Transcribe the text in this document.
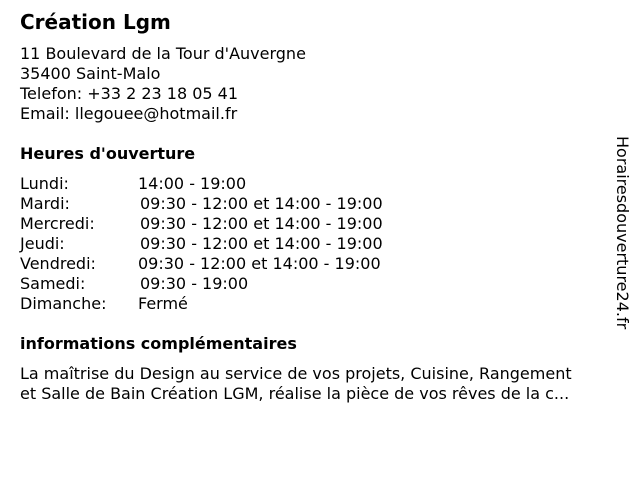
Création Lgm
11 Boulevard de la Tour d'Auvergne
35400 Saint-Malo
Telefon: +33 2 23 18 05 41
Email: llegouee@hotmail.fr
Heures d'ouverture
Lundi:	14:00 - 19:00
Mardi:	09:30 - 12:00 et 14:00 - 19:00
Mercredi:	09:30 - 12:00 et 14:00 - 19:00
Jeudi:	09:30 - 12:00 et 14:00 - 19:00
Vendredi:	09:30 - 12:00 et 14:00 - 19:00
Samedi:	09:30 - 19:00
Dimanche: Fermé
informations complémentaires
La maîtrise du Design au service de vos projets, Cuisine, Rangement
et Salle de Bain Création LGM, réalise la pièce de vos rêves de la c...
Horairesdouverture24.fr
